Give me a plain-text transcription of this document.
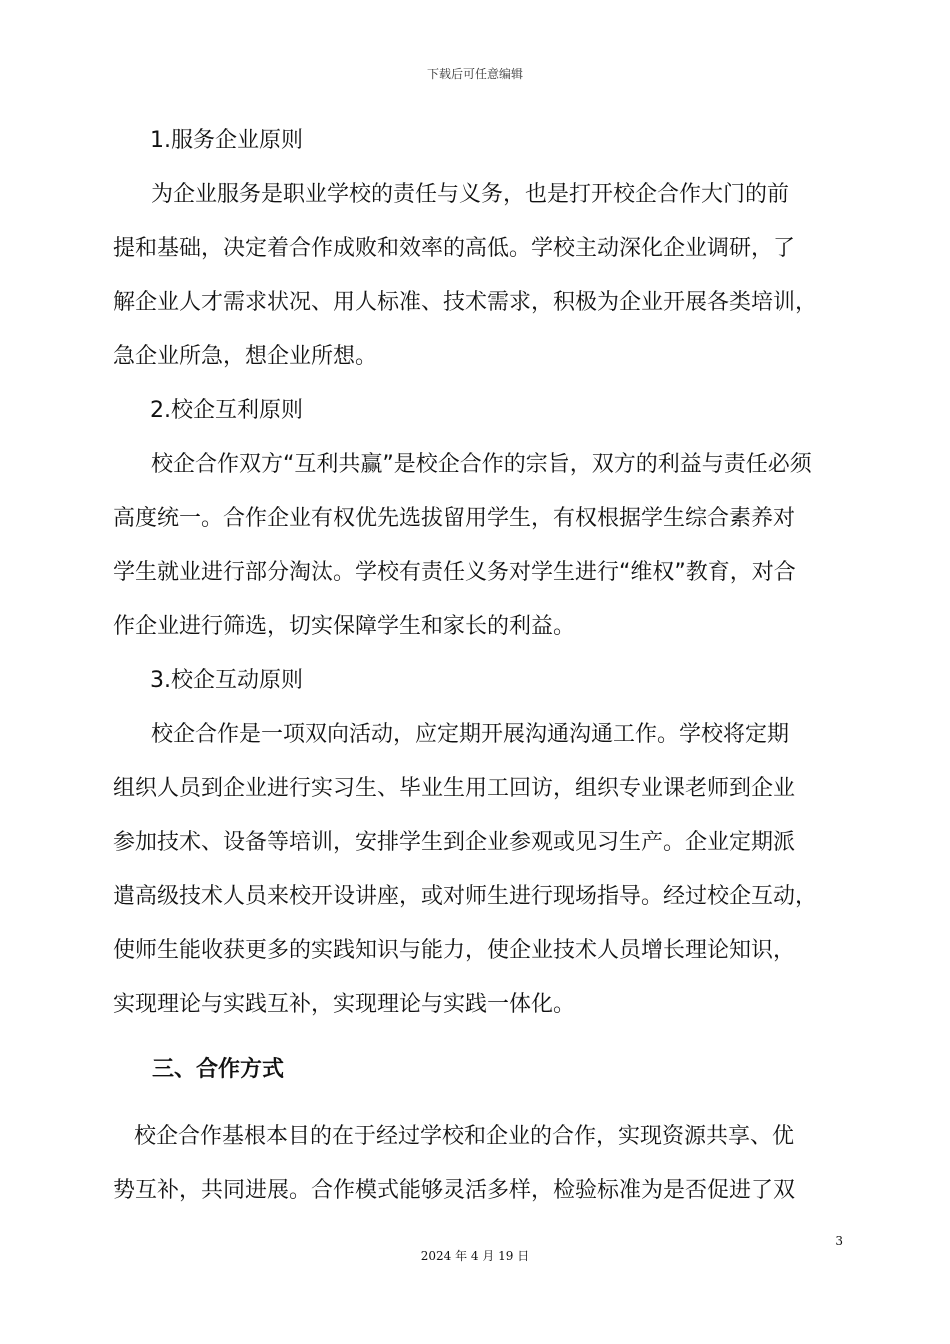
下载后可任意编辑
1.服务企业原则
为企业服务是职业学校的责任与义务，也是打开校企合作大门的前
提和基础，决定着合作成败和效率的高低。学校主动深化企业调研，了
解企业人才需求状况、用人标准、技术需求，积极为企业开展各类培训，
急企业所急，想企业所想。
2.校企互利原则
校企合作双方“互利共赢”是校企合作的宗旨，双方的利益与责任必须
高度统一。合作企业有权优先选拔留用学生，有权根据学生综合素养对
学生就业进行部分淘汰。学校有责任义务对学生进行“维权”教育，对合
作企业进行筛选，切实保障学生和家长的利益。
3.校企互动原则
校企合作是一项双向活动，应定期开展沟通沟通工作。学校将定期
组织人员到企业进行实习生、毕业生用工回访，组织专业课老师到企业
参加技术、设备等培训，安排学生到企业参观或见习生产。企业定期派
遣高级技术人员来校开设讲座，或对师生进行现场指导。经过校企互动，
使师生能收获更多的实践知识与能力，使企业技术人员增长理论知识，
实现理论与实践互补，实现理论与实践一体化。
三、合作方式
校企合作基根本目的在于经过学校和企业的合作，实现资源共享、优
势互补，共同进展。合作模式能够灵活多样，检验标准为是否促进了双
3
2024 年 4 月 19 日
